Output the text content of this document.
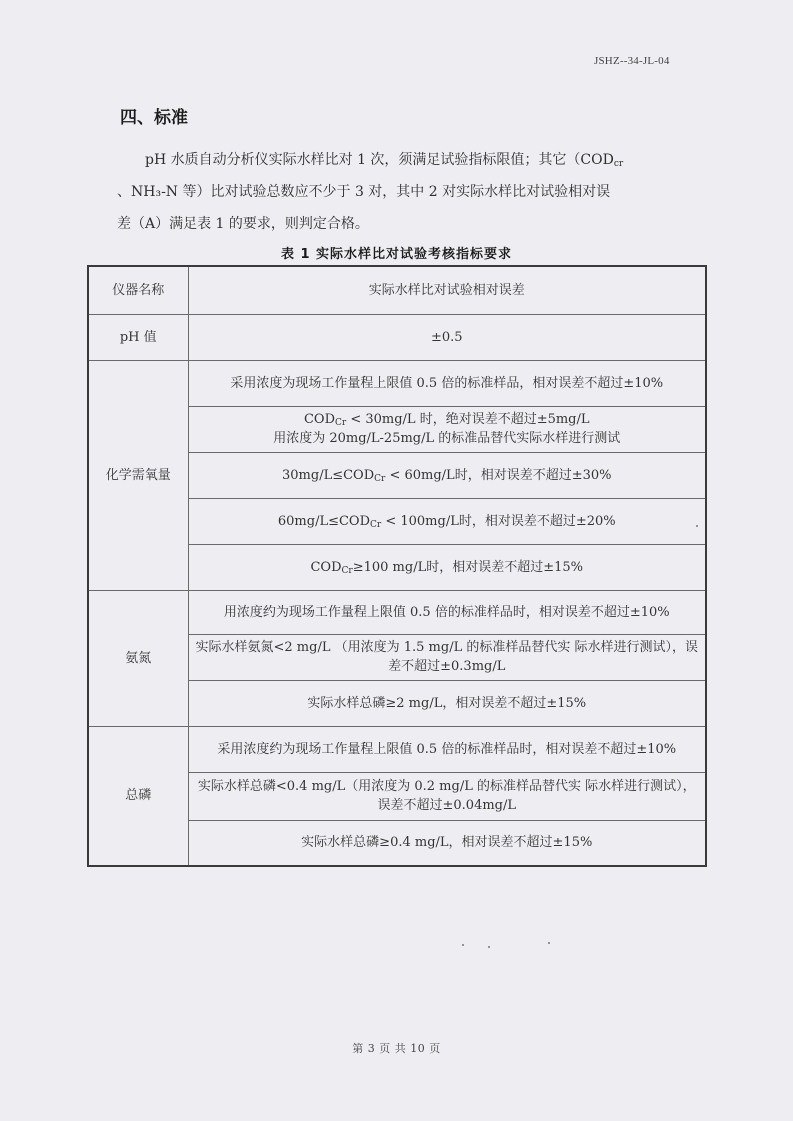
JSHZ--34-JL-04
四、标准
pH 水质自动分析仪实际水样比对 1 次，须满足试验指标限值；其它（$COD_{cr}$
、NH₃-N 等）比对试验总数应不少于 3 对，其中 2 对实际水样比对试验相对误
差（A）满足表 1 的要求，则判定合格。
表 1 实际水样比对试验考核指标要求
仪器名称	实际水样比对试验相对误差
pH 值	±0.5
化学需氧量	采用浓度为现场工作量程上限值 0.5 倍的标准样品，相对误差不超过±10%
	$COD_{Cr} < 30mg/L$ 时，绝对误差不超过±5mg/L
用浓度为 20mg/L-25mg/L 的标准品替代实际水样进行测试
	$30mg/L\le COD_{Cr} < 60mg/L$时，相对误差不超过±30%
	$60mg/L\le COD_{Cr} < 100mg/L$时，相对误差不超过±20%
	$COD_{Cr}\ge 100$ mg/L时，相对误差不超过±15%
氨氮	用浓度约为现场工作量程上限值 0.5 倍的标准样品时，相对误差不超过±10%
	实际水样氨氮<2 mg/L （用浓度为 1.5 mg/L 的标准样品替代实 际水样进行测试），误差不超过±0.3mg/L
	实际水样总磷≥2 mg/L，相对误差不超过±15%
总磷	采用浓度约为现场工作量程上限值 0.5 倍的标准样品时，相对误差不超过±10%
	实际水样总磷<0.4 mg/L（用浓度为 0.2 mg/L 的标准样品替代实 际水样进行测试），误差不超过±0.04mg/L
	实际水样总磷≥0.4 mg/L，相对误差不超过±15%
第 3 页 共 10 页
